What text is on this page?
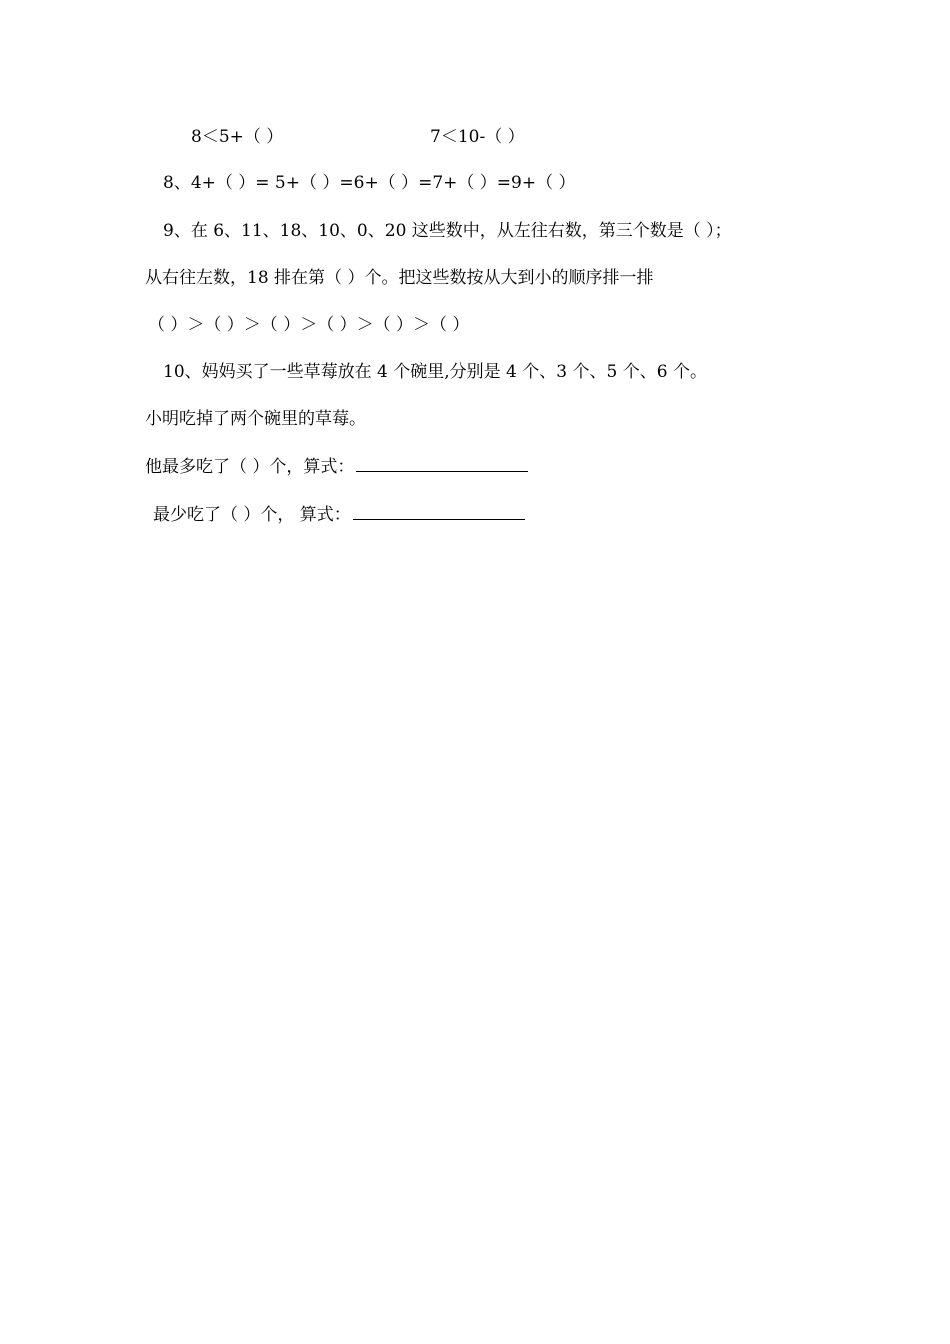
8＜5+（ ）	7＜10-（ ）
8、4+（ ）= 5+（ ）=6+（ ）=7+（ ）=9+（ ）
9、在 6、11、18、10、0、20 这些数中，从左往右数，第三个数是（ ）；
从右往左数，18 排在第（ ）个。把这些数按从大到小的顺序排一排
（ ）＞（ ）＞（ ）＞（ ）＞（ ）＞（ ）
10、妈妈买了一些草莓放在 4 个碗里,分别是 4 个、3 个、5 个、6 个。
小明吃掉了两个碗里的草莓。
他最多吃了（ ）个，算式：
最少吃了（ ）个， 算式：
